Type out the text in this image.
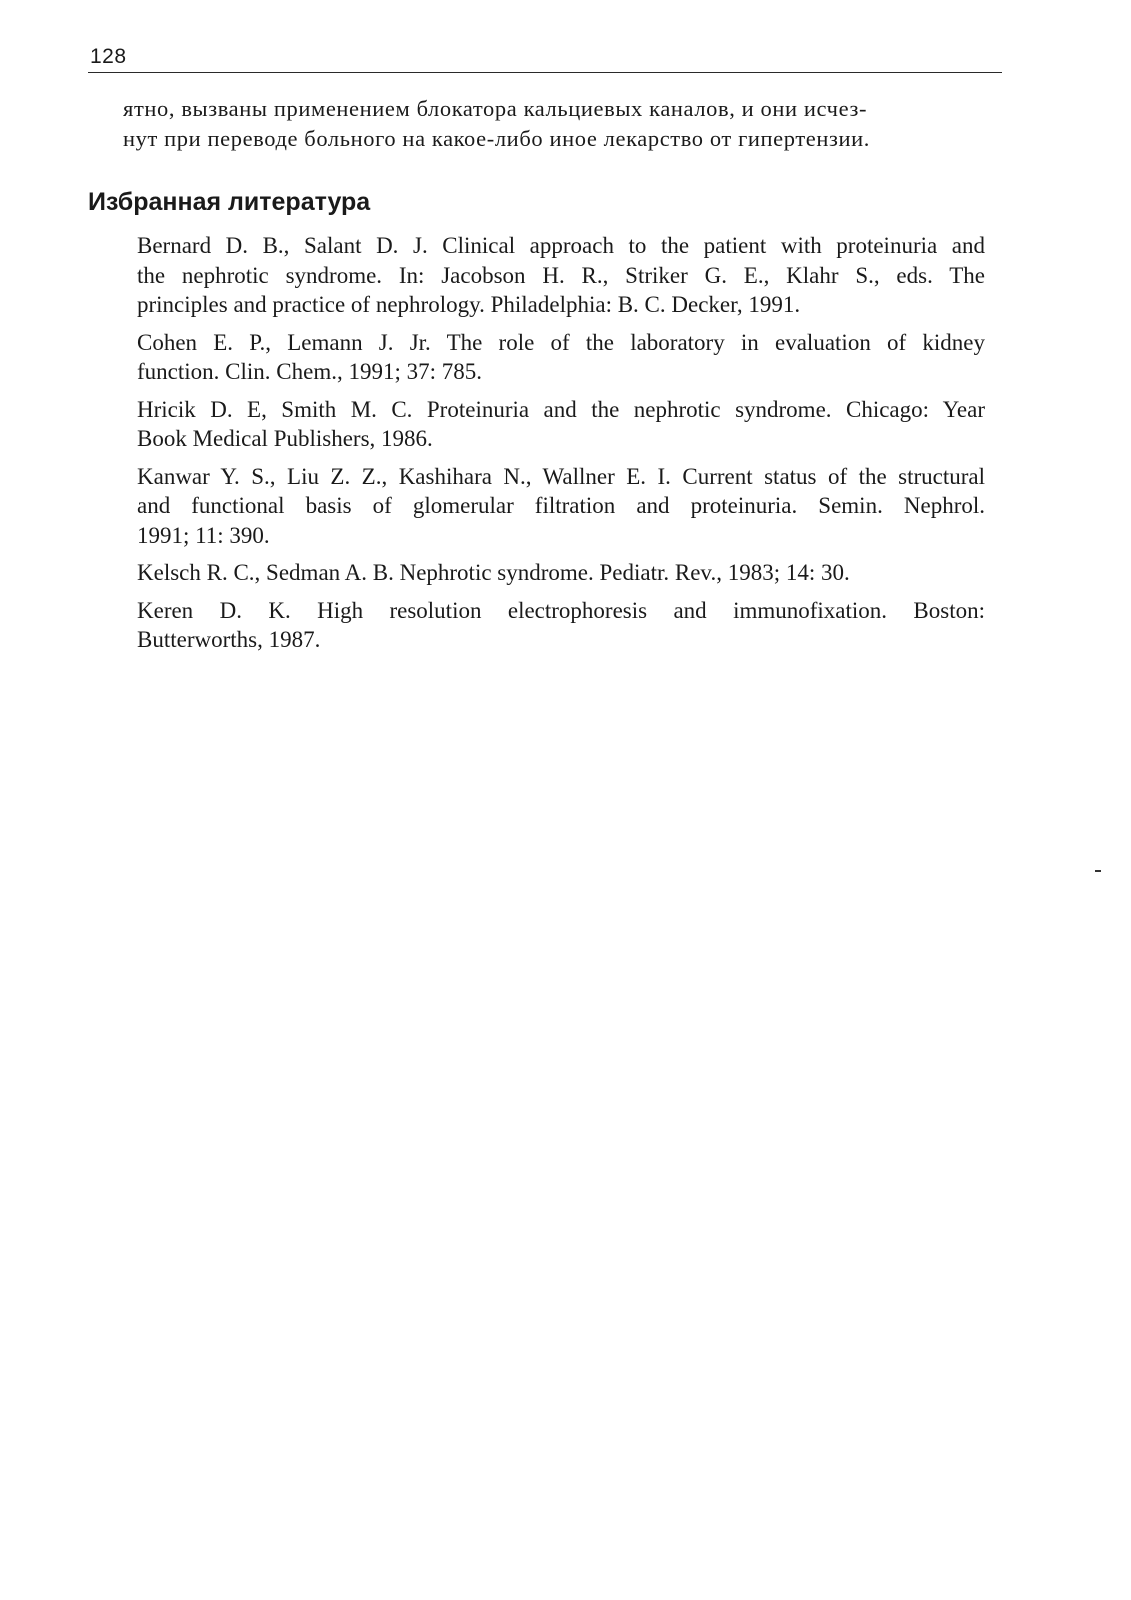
128

ятно, вызваны применением блокатора кальциевых каналов, и они исчез-
нут при переводе больного на какое-либо иное лекарство от гипертензии.

Избранная литература
Bernard D. B., Salant D. J. Clinical approach to the patient with proteinuria and
the nephrotic syndrome. In: Jacobson H. R., Striker G. E., Klahr S., eds. The
principles and practice of nephrology. Philadelphia: B. C. Decker, 1991.
Cohen E. P., Lemann J. Jr. The role of the laboratory in evaluation of kidney
function. Clin. Chem., 1991; 37: 785.
Hricik D. E, Smith M. C. Proteinuria and the nephrotic syndrome. Chicago: Year
Book Medical Publishers, 1986.
Kanwar Y. S., Liu Z. Z., Kashihara N., Wallner E. I. Current status of the structural
and functional basis of glomerular filtration and proteinuria. Semin. Nephrol.
1991; 11: 390.
Kelsch R. C., Sedman A. B. Nephrotic syndrome. Pediatr. Rev., 1983; 14: 30.
Keren D. K. High resolution electrophoresis and immunofixation. Boston:
Butterworths, 1987.
